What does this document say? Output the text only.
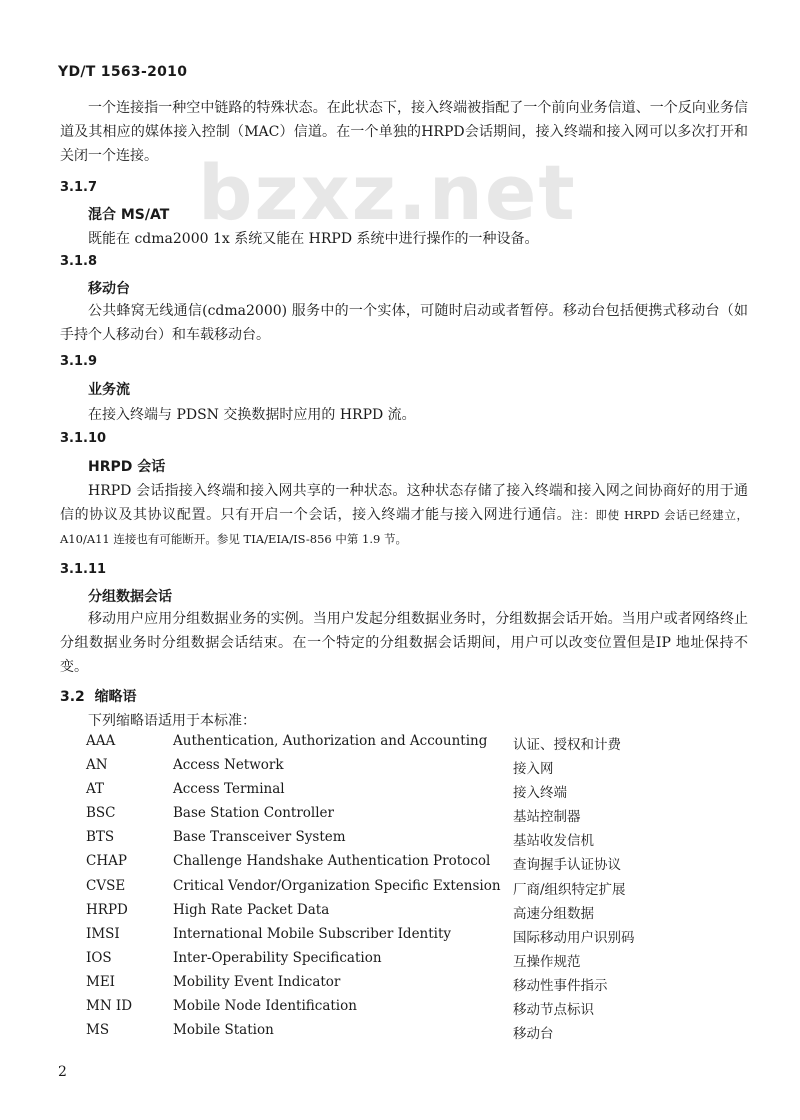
bzxz.net
YD/T 1563-2010
一个连接指一种空中链路的特殊状态。在此状态下，接入终端被指配了一个前向业务信道、一个反向业务信道及其相应的媒体接入控制（MAC）信道。在一个单独的HRPD会话期间，接入终端和接入网可以多次打开和关闭一个连接。
3.1.7
混合 MS/AT
既能在 cdma2000 1x 系统又能在 HRPD 系统中进行操作的一种设备。
3.1.8
移动台
公共蜂窝无线通信(cdma2000) 服务中的一个实体，可随时启动或者暂停。移动台包括便携式移动台（如手持个人移动台）和车载移动台。
3.1.9
业务流
在接入终端与 PDSN 交换数据时应用的 HRPD 流。
3.1.10
HRPD 会话
HRPD 会话指接入终端和接入网共享的一种状态。这种状态存储了接入终端和接入网之间协商好的用于通信的协议及其协议配置。只有开启一个会话，接入终端才能与接入网进行通信。注：即使 HRPD 会话已经建立，A10/A11 连接也有可能断开。参见 TIA/EIA/IS-856 中第 1.9 节。
3.1.11
分组数据会话
移动用户应用分组数据业务的实例。当用户发起分组数据业务时，分组数据会话开始。当用户或者网络终止分组数据业务时分组数据会话结束。在一个特定的分组数据会话期间，用户可以改变位置但是IP 地址保持不变。
3.2 缩略语
下列缩略语适用于本标准：
AAA	Authentication, Authorization and Accounting 认证、授权和计费
AN	Access Network	接入网
AT	Access Terminal	接入终端
BSC	Base Station Controller	基站控制器
BTS	Base Transceiver System	基站收发信机
CHAP	Challenge Handshake Authentication Protocol 查询握手认证协议
CVSE	Critical Vendor/Organization Specific Extension 厂商/组织特定扩展
HRPD	High Rate Packet Data	高速分组数据
IMSI	International Mobile Subscriber Identity	国际移动用户识别码
IOS	Inter-Operability Specification	互操作规范
MEI	Mobility Event Indicator	移动性事件指示
MN ID	Mobile Node Identification	移动节点标识
MS	Mobile Station	移动台
2
